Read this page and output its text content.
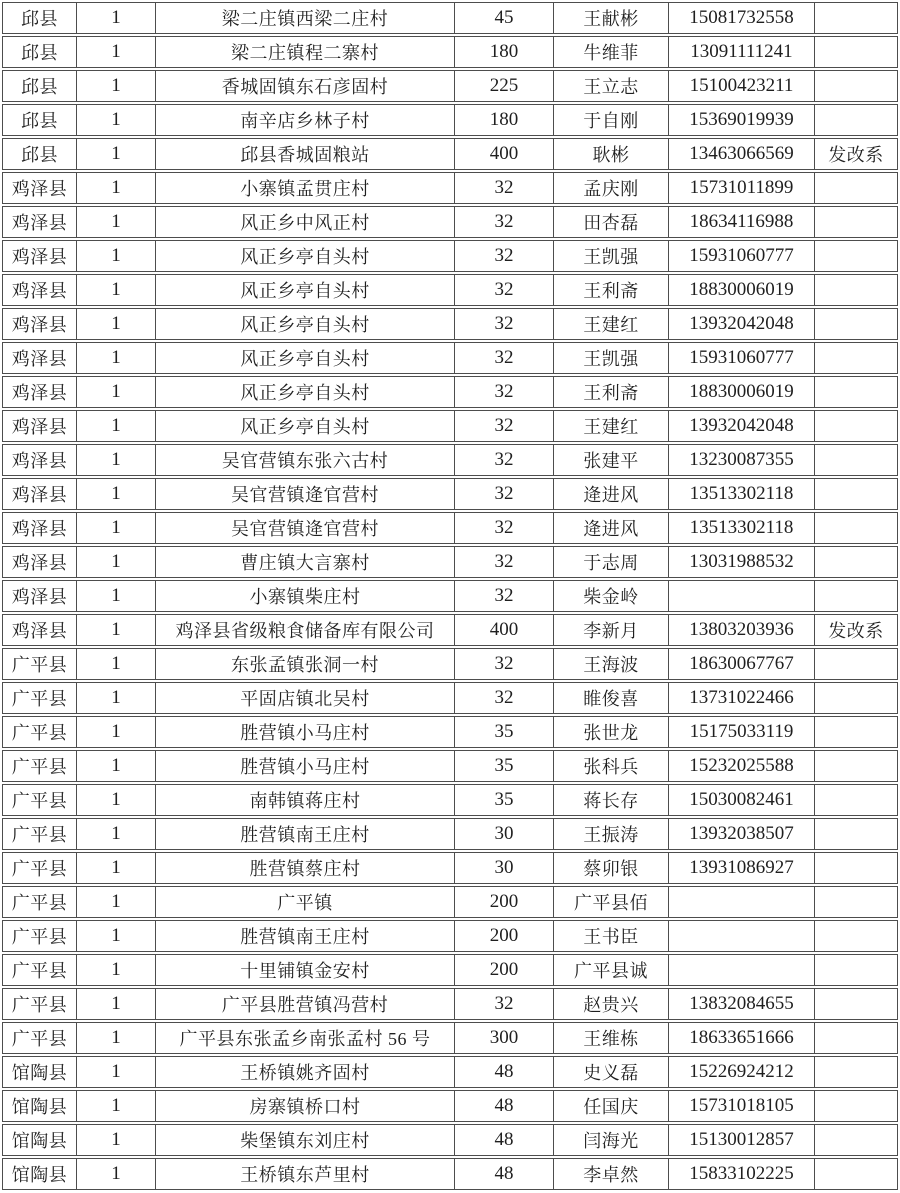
邱县	1	梁二庄镇西梁二庄村	45	王献彬	15081732558	
邱县	1	梁二庄镇程二寨村	180	牛维菲	13091111241	
邱县	1	香城固镇东石彦固村	225	王立志	15100423211	
邱县	1	南辛店乡林子村	180	于自刚	15369019939	
邱县	1	邱县香城固粮站	400	耿彬	13463066569	发改系
鸡泽县	1	小寨镇孟贯庄村	32	孟庆刚	15731011899	
鸡泽县	1	风正乡中风正村	32	田杏磊	18634116988	
鸡泽县	1	风正乡亭自头村	32	王凯强	15931060777	
鸡泽县	1	风正乡亭自头村	32	王利斋	18830006019	
鸡泽县	1	风正乡亭自头村	32	王建红	13932042048	
鸡泽县	1	风正乡亭自头村	32	王凯强	15931060777	
鸡泽县	1	风正乡亭自头村	32	王利斋	18830006019	
鸡泽县	1	风正乡亭自头村	32	王建红	13932042048	
鸡泽县	1	吴官营镇东张六古村	32	张建平	13230087355	
鸡泽县	1	吴官营镇逄官营村	32	逄进风	13513302118	
鸡泽县	1	吴官营镇逄官营村	32	逄进风	13513302118	
鸡泽县	1	曹庄镇大言寨村	32	于志周	13031988532	
鸡泽县	1	小寨镇柴庄村	32	柴金岭		
鸡泽县	1	鸡泽县省级粮食储备库有限公司	400	李新月	13803203936	发改系
广平县	1	东张孟镇张洞一村	32	王海波	18630067767	
广平县	1	平固店镇北吴村	32	睢俊喜	13731022466	
广平县	1	胜营镇小马庄村	35	张世龙	15175033119	
广平县	1	胜营镇小马庄村	35	张科兵	15232025588	
广平县	1	南韩镇蒋庄村	35	蒋长存	15030082461	
广平县	1	胜营镇南王庄村	30	王振涛	13932038507	
广平县	1	胜营镇蔡庄村	30	蔡卯银	13931086927	
广平县	1	广平镇	200	广平县佰		
广平县	1	胜营镇南王庄村	200	王书臣		
广平县	1	十里铺镇金安村	200	广平县诚		
广平县	1	广平县胜营镇冯营村	32	赵贵兴	13832084655	
广平县	1	广平县东张孟乡南张孟村 56 号	300	王维栋	18633651666	
馆陶县	1	王桥镇姚齐固村	48	史义磊	15226924212	
馆陶县	1	房寨镇桥口村	48	任国庆	15731018105	
馆陶县	1	柴堡镇东刘庄村	48	闫海光	15130012857	
馆陶县	1	王桥镇东芦里村	48	李卓然	15833102225	
